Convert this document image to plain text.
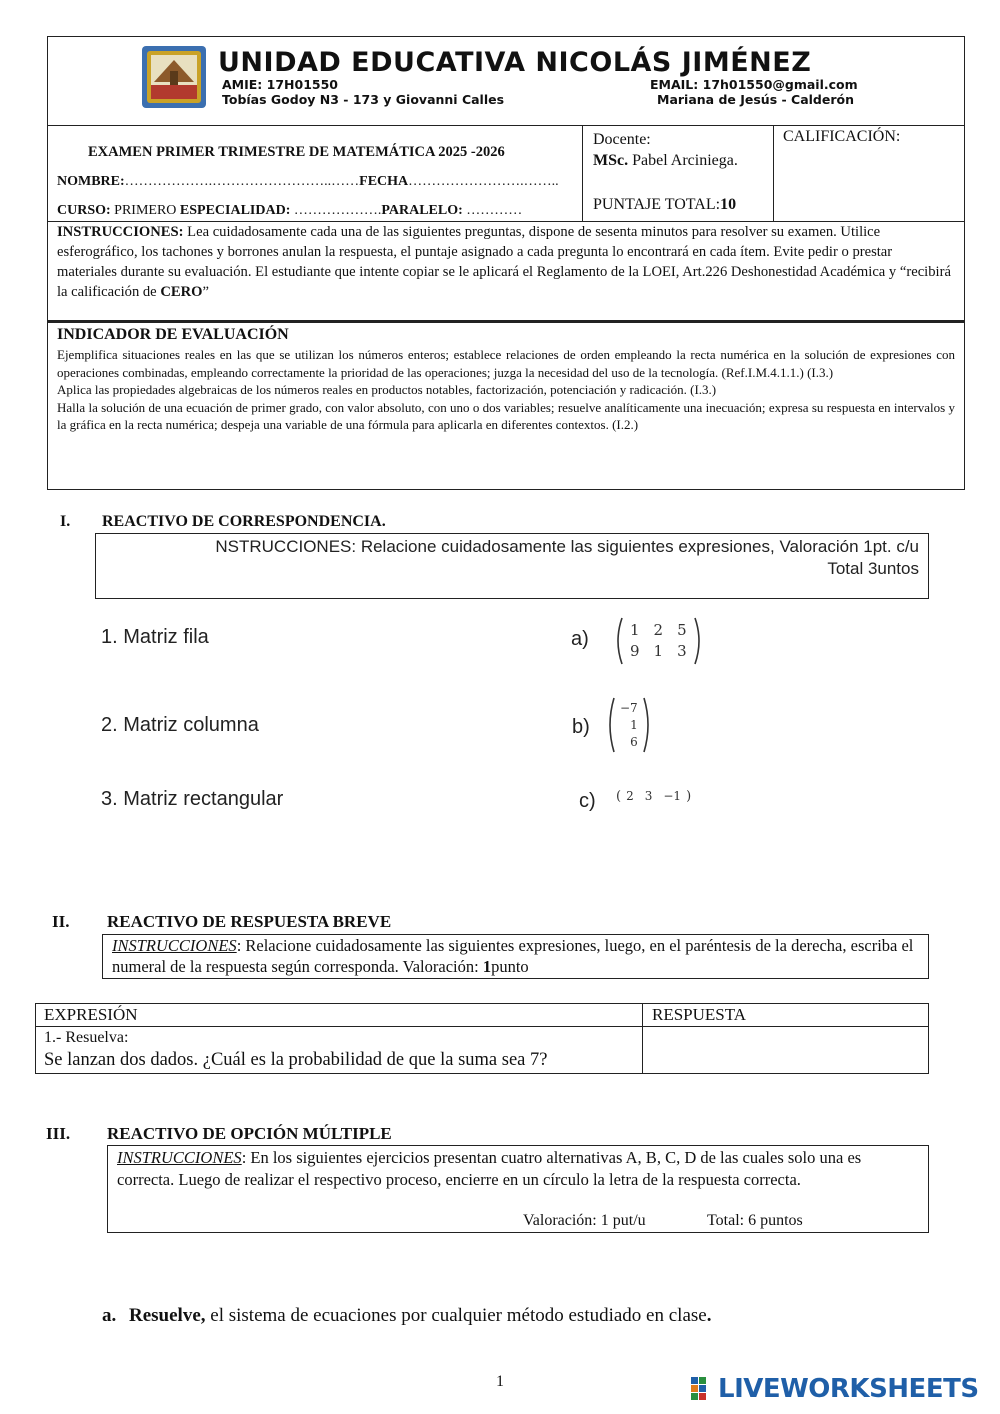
UNIDAD EDUCATIVA NICOLÁS JIMÉNEZ
AMIE: 17H01550
Tobías Godoy N3 - 173 y Giovanni Calles
EMAIL: 17h01550@gmail.com
Mariana de Jesús - Calderón
EXAMEN PRIMER TRIMESTRE DE MATEMÁTICA 2025 -2026
NOMBRE:……………….……………………..……FECHA…………………….……..
CURSO: PRIMERO ESPECIALIDAD: ……………….PARALELO: …………
Docente:
MSc. Pabel Arciniega.
PUNTAJE TOTAL:10
CALIFICACIÓN:
INSTRUCCIONES: Lea cuidadosamente cada una de las siguientes preguntas, dispone de sesenta minutos para resolver su examen. Utilice esferográfico, los tachones y borrones anulan la respuesta, el puntaje asignado a cada pregunta lo encontrará en cada ítem. Evite pedir o prestar materiales durante su evaluación. El estudiante que intente copiar se le aplicará el Reglamento de la LOEI, Art.226 Deshonestidad Académica y “recibirá la calificación de CERO”
INDICADOR DE EVALUACIÓN
Ejemplifica situaciones reales en las que se utilizan los números enteros; establece relaciones de orden empleando la recta numérica en la solución de expresiones con operaciones combinadas, empleando correctamente la prioridad de las operaciones; juzga la necesidad del uso de la tecnología. (Ref.I.M.4.1.1.) (I.3.)
Aplica las propiedades algebraicas de los números reales en productos notables, factorización, potenciación y radicación. (I.3.)
Halla la solución de una ecuación de primer grado, con valor absoluto, con uno o dos variables; resuelve analíticamente una inecuación; expresa su respuesta en intervalos y la gráfica en la recta numérica; despeja una variable de una fórmula para aplicarla en diferentes contextos. (I.2.)
I. REACTIVO DE CORRESPONDENCIA.
NSTRUCCIONES: Relacione cuidadosamente las siguientes expresiones, Valoración 1pt. c/u
Total 3untos
1. Matriz fila
2. Matriz columna
3. Matriz rectangular
a)	1 2 5
9 1 3
b)
−7
1
6
c) ( 2 3 −1 )
II. REACTIVO DE RESPUESTA BREVE
INSTRUCCIONES: Relacione cuidadosamente las siguientes expresiones, luego, en el paréntesis de la derecha, escriba el numeral de la respuesta según corresponda. Valoración: 1punto
EXPRESIÓN	RESPUESTA
1.- Resuelva:
Se lanzan dos dados. ¿Cuál es la probabilidad de que la suma sea 7?
III. REACTIVO DE OPCIÓN MÚLTIPLE
INSTRUCCIONES: En los siguientes ejercicios presentan cuatro alternativas A, B, C, D de las cuales solo una es correcta. Luego de realizar el respectivo proceso, encierre en un círculo la letra de la respuesta correcta.
Valoración: 1 put/u	Total: 6 puntos
a. Resuelve, el sistema de ecuaciones por cualquier método estudiado en clase.
1	LIVEWORKSHEETS
